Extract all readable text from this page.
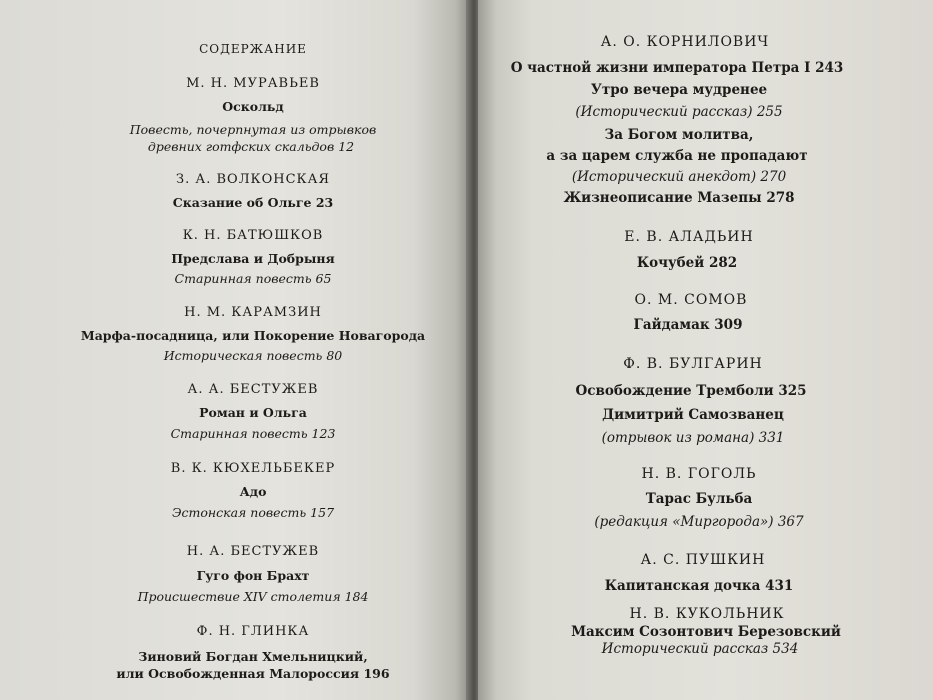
СОДЕРЖАНИЕ
М. Н. МУРАВЬЕВ
Оскольд
Повесть, почерпнутая из отрывков
древних готфских скальдов 12
З. А. ВОЛКОНСКАЯ
Сказание об Ольге 23
К. Н. БАТЮШКОВ
Предслава и Добрыня
Старинная повесть 65
Н. М. КАРАМЗИН
Марфа-посадница, или Покорение Новагорода
Историческая повесть 80
А. А. БЕСТУЖЕВ
Роман и Ольга
Старинная повесть 123
В. К. КЮХЕЛЬБЕКЕР
Адо
Эстонская повесть 157
Н. А. БЕСТУЖЕВ
Гуго фон Брахт
Происшествие XIV столетия 184
Ф. Н. ГЛИНКА
Зиновий Богдан Хмельницкий,
или Освобожденная Малороссия 196
А. О. КОРНИЛОВИЧ
О частной жизни императора Петра I 243
Утро вечера мудренее
(Исторический рассказ) 255
За Богом молитва,
а за царем служба не пропадают
(Исторический анекдот) 270
Жизнеописание Мазепы 278
Е. В. АЛАДЬИН
Кочубей 282
О. М. СОМОВ
Гайдамак 309
Ф. В. БУЛГАРИН
Освобождение Тремболи 325
Димитрий Самозванец
(отрывок из романа) 331
Н. В. ГОГОЛЬ
Тарас Бульба
(редакция «Миргорода») 367
А. С. ПУШКИН
Капитанская дочка 431
Н. В. КУКОЛЬНИК
Максим Созонтович Березовский
Исторический рассказ 534
